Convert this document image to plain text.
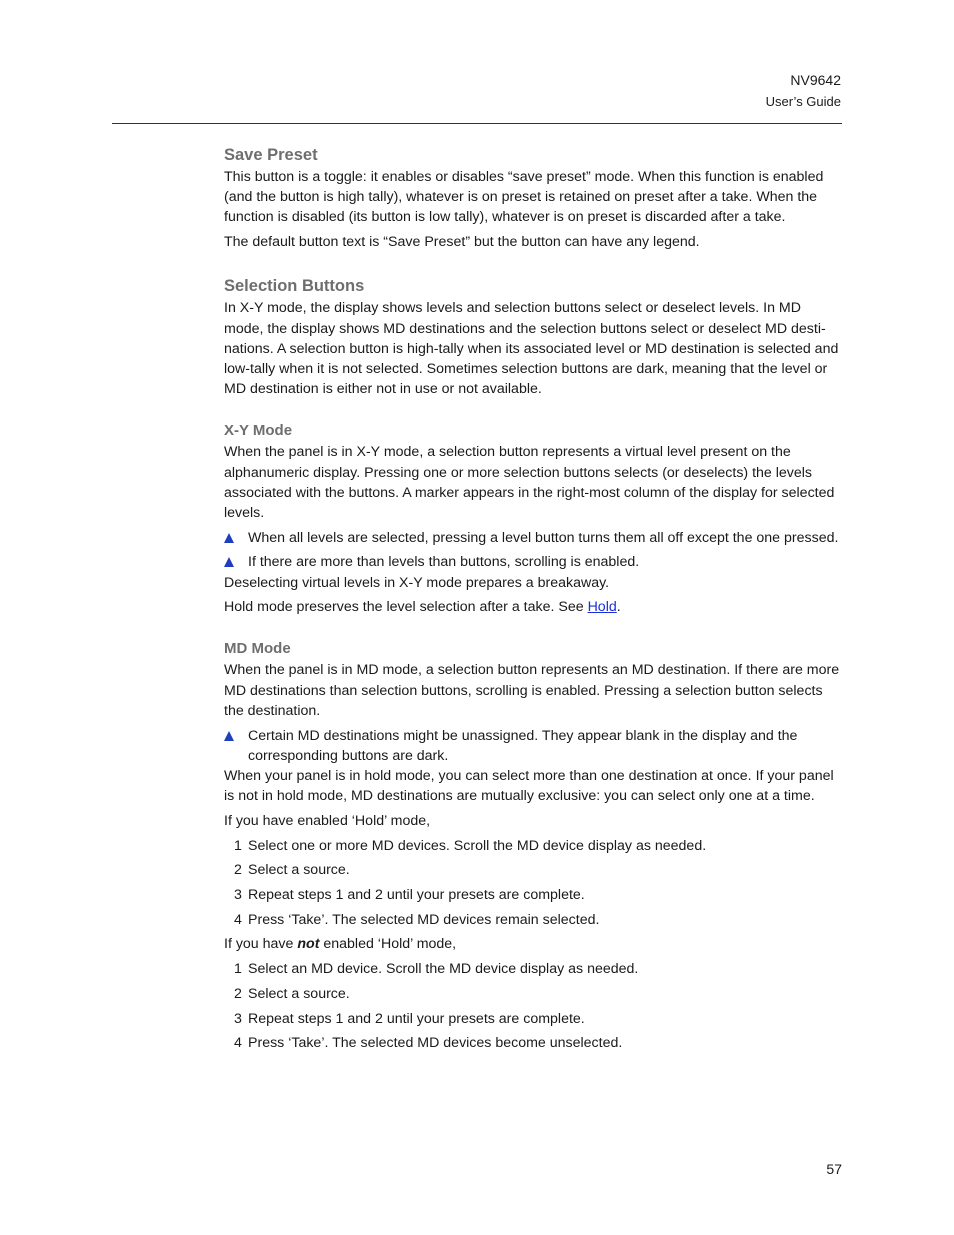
NV9642
User’s Guide
Save Preset

This button is a toggle: it enables or disables “save preset” mode. When this function is enabled (and the button is high tally), whatever is on preset is retained on preset after a take. When the function is disabled (its button is low tally), whatever is on preset is discarded after a take.

The default button text is “Save Preset” but the button can have any legend.

Selection Buttons

In X-Y mode, the display shows levels and selection buttons select or deselect levels. In MD mode, the display shows MD destinations and the selection buttons select or deselect MD desti-nations. A selection button is high-tally when its associated level or MD destination is selected and low-tally when it is not selected. Sometimes selection buttons are dark, meaning that the level or MD destination is either not in use or not available.

X-Y Mode

When the panel is in X-Y mode, a selection button represents a virtual level present on the alphanumeric display. Pressing one or more selection buttons selects (or deselects) the levels associated with the buttons. A marker appears in the right-most column of the display for selected levels.

When all levels are selected, pressing a level button turns them all off except the one pressed.
If there are more than levels than buttons, scrolling is enabled.

Deselecting virtual levels in X-Y mode prepares a breakaway.

Hold mode preserves the level selection after a take. See Hold.

MD Mode

When the panel is in MD mode, a selection button represents an MD destination. If there are more MD destinations than selection buttons, scrolling is enabled. Pressing a selection button selects the destination.

Certain MD destinations might be unassigned. They appear blank in the display and the corresponding buttons are dark.

When your panel is in hold mode, you can select more than one destination at once. If your panel is not in hold mode, MD destinations are mutually exclusive: you can select only one at a time.

If you have enabled ‘Hold’ mode,

1 Select one or more MD devices. Scroll the MD device display as needed.
2 Select a source.
3 Repeat steps 1 and 2 until your presets are complete.
4 Press ‘Take’. The selected MD devices remain selected.

If you have not enabled ‘Hold’ mode,

1 Select an MD device. Scroll the MD device display as needed.
2 Select a source.
3 Repeat steps 1 and 2 until your presets are complete.
4 Press ‘Take’. The selected MD devices become unselected.
57
